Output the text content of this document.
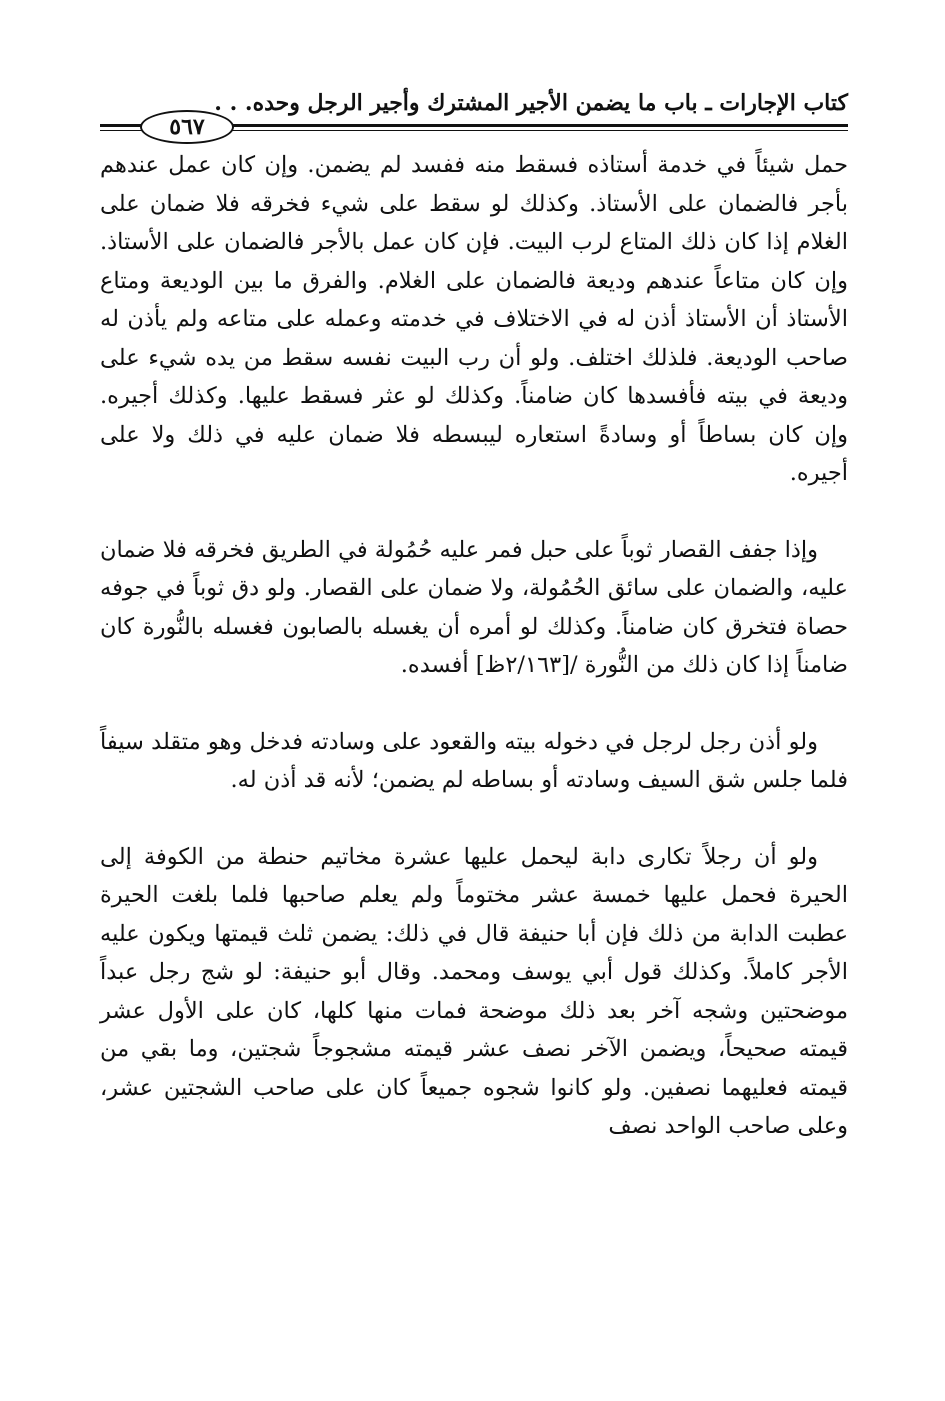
كتاب الإجارات ـ باب ما يضمن الأجير المشترك وأجير الرجل وحده. . .
٥٦٧

حمل شيئاً في خدمة أستاذه فسقط منه ففسد لم يضمن. وإن كان عمل عندهم بأجر فالضمان على الأستاذ. وكذلك لو سقط على شيء فخرقه فلا ضمان على الغلام إذا كان ذلك المتاع لرب البيت. فإن كان عمل بالأجر فالضمان على الأستاذ. وإن كان متاعاً عندهم وديعة فالضمان على الغلام. والفرق ما بين الوديعة ومتاع الأستاذ أن الأستاذ أذن له في الاختلاف في خدمته وعمله على متاعه ولم يأذن له صاحب الوديعة. فلذلك اختلف. ولو أن رب البيت نفسه سقط من يده شيء على وديعة في بيته فأفسدها كان ضامناً. وكذلك لو عثر فسقط عليها. وكذلك أجيره. وإن كان بساطاً أو وسادةً استعاره ليبسطه فلا ضمان عليه في ذلك ولا على أجيره.

وإذا جفف القصار ثوباً على حبل فمر عليه حُمُولة في الطريق فخرقه فلا ضمان عليه، والضمان على سائق الحُمُولة، ولا ضمان على القصار. ولو دق ثوباً في جوفه حصاة فتخرق كان ضامناً. وكذلك لو أمره أن يغسله بالصابون فغسله بالنُّورة كان ضامناً إذا كان ذلك من النُّورة /[٢/١٦٣ظ] أفسده.

ولو أذن رجل لرجل في دخوله بيته والقعود على وسادته فدخل وهو متقلد سيفاً فلما جلس شق السيف وسادته أو بساطه لم يضمن؛ لأنه قد أذن له.

ولو أن رجلاً تكارى دابة ليحمل عليها عشرة مخاتيم حنطة من الكوفة إلى الحيرة فحمل عليها خمسة عشر مختوماً ولم يعلم صاحبها فلما بلغت الحيرة عطبت الدابة من ذلك فإن أبا حنيفة قال في ذلك: يضمن ثلث قيمتها ويكون عليه الأجر كاملاً. وكذلك قول أبي يوسف ومحمد. وقال أبو حنيفة: لو شج رجل عبداً موضحتين وشجه آخر بعد ذلك موضحة فمات منها كلها، كان على الأول عشر قيمته صحيحاً، ويضمن الآخر نصف عشر قيمته مشجوجاً شجتين، وما بقي من قيمته فعليهما نصفين. ولو كانوا شجوه جميعاً كان على صاحب الشجتين عشر، وعلى صاحب الواحد نصف
